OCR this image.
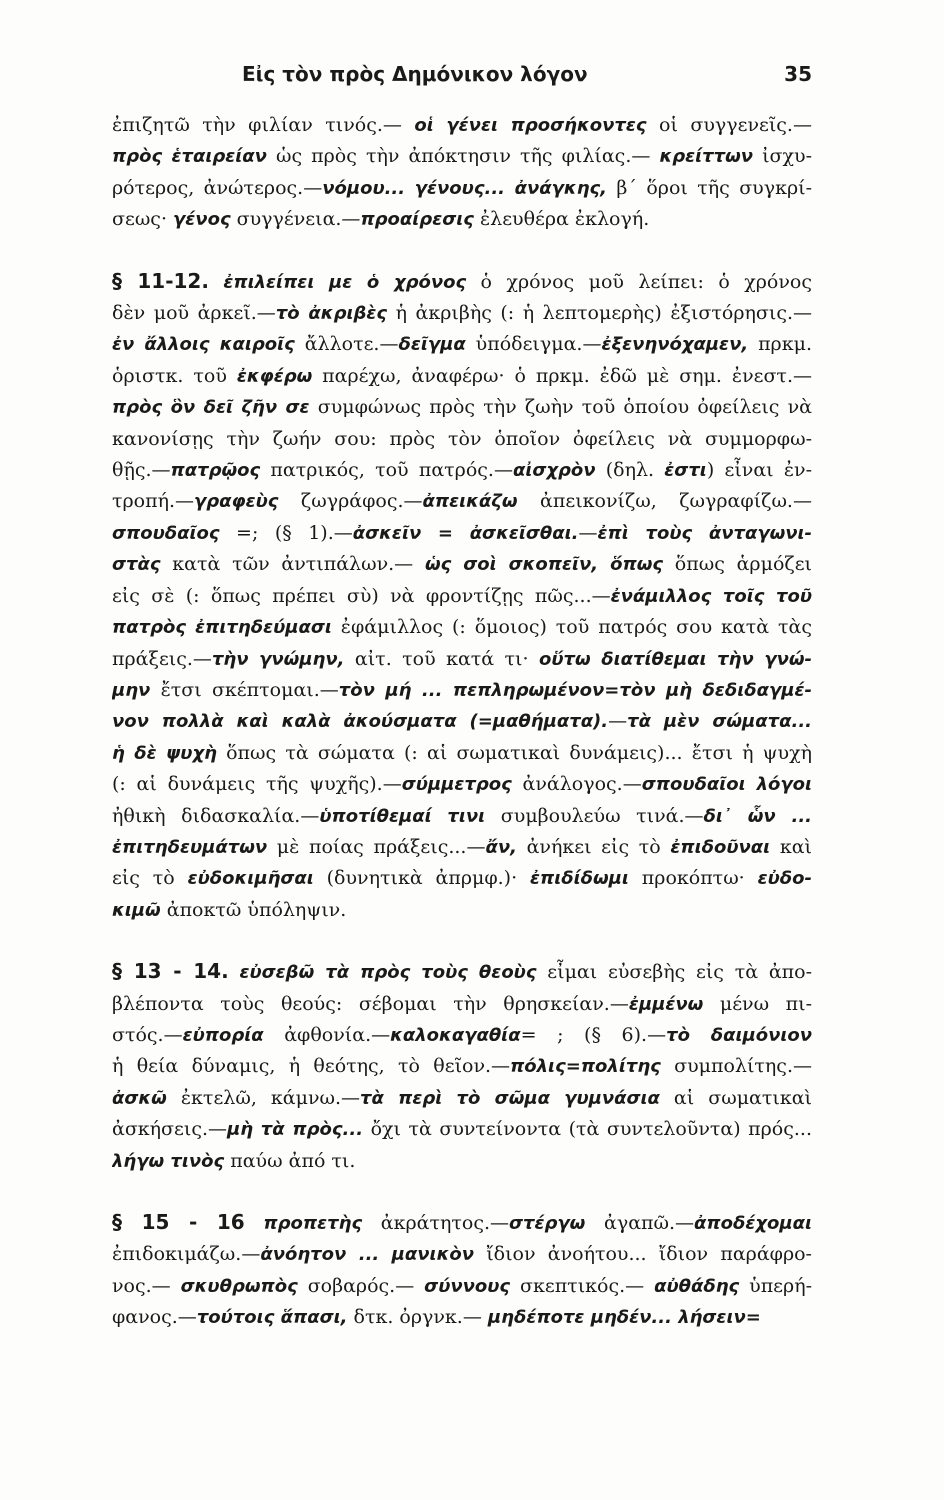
Εἰς τὸν πρὸς Δημόνικον λόγον	35
ἐπιζητῶ τὴν φιλίαν τινός.— οἱ γένει προσήκοντες οἱ συγγενεῖς.—
πρὸς ἑταιρείαν ὡς πρὸς τὴν ἀπόκτησιν τῆς φιλίας.— κρείττων ἰσχυ-
ρότερος, ἀνώτερος.—νόμου... γένους... ἀνάγκης, β΄ ὅροι τῆς συγκρί-
σεως· γένος συγγένεια.—προαίρεσις ἐλευθέρα ἐκλογή.
§ 11-12. ἐπιλείπει με ὁ χρόνος ὁ χρόνος μοῦ λείπει: ὁ χρόνος
δὲν μοῦ ἀρκεῖ.—τὸ ἀκριβὲς ἡ ἀκριβὴς (: ἡ λεπτομερὴς) ἐξιστόρησις.—
ἐν ἄλλοις καιροῖς ἄλλοτε.—δεῖγμα ὑπόδειγμα.—ἐξενηνόχαμεν, πρκμ.
ὁριστκ. τοῦ ἐκφέρω παρέχω, ἀναφέρω· ὁ πρκμ. ἐδῶ μὲ σημ. ἐνεστ.—
πρὸς ὃν δεῖ ζῆν σε συμφώνως πρὸς τὴν ζωὴν τοῦ ὁποίου ὀφείλεις νὰ
κανονίσῃς τὴν ζωήν σου: πρὸς τὸν ὁποῖον ὀφείλεις νὰ συμμορφω-
θῇς.—πατρῷος πατρικός, τοῦ πατρός.—αἰσχρὸν (δηλ. ἐστι) εἶναι ἐν-
τροπή.—γραφεὺς ζωγράφος.—ἀπεικάζω ἀπεικονίζω, ζωγραφίζω.—
σπουδαῖος =; (§ 1).—ἀσκεῖν = ἀσκεῖσθαι.—ἐπὶ τοὺς ἀνταγωνι-
στὰς κατὰ τῶν ἀντιπάλων.— ὡς σοὶ σκοπεῖν, ὅπως ὅπως ἁρμόζει
εἰς σὲ (: ὅπως πρέπει σὺ) νὰ φροντίζῃς πῶς...—ἐνάμιλλος τοῖς τοῦ
πατρὸς ἐπιτηδεύμασι ἐφάμιλλος (: ὅμοιος) τοῦ πατρός σου κατὰ τὰς
πράξεις.—τὴν γνώμην, αἰτ. τοῦ κατά τι· οὕτω διατίθεμαι τὴν γνώ-
μην ἔτσι σκέπτομαι.—τὸν μή ... πεπληρωμένον=τὸν μὴ δεδιδαγμέ-
νον πολλὰ καὶ καλὰ ἀκούσματα (=μαθήματα).—τὰ μὲν σώματα...
ἡ δὲ ψυχὴ ὅπως τὰ σώματα (: αἱ σωματικαὶ δυνάμεις)... ἔτσι ἡ ψυχὴ
(: αἱ δυνάμεις τῆς ψυχῆς).—σύμμετρος ἀνάλογος.—σπουδαῖοι λόγοι
ἠθικὴ διδασκαλία.—ὑποτίθεμαί τινι συμβουλεύω τινά.—δι᾿ ὧν ...
ἐπιτηδευμάτων μὲ ποίας πράξεις...—ἄν, ἀνήκει εἰς τὸ ἐπιδοῦναι καὶ
εἰς τὸ εὐδοκιμῆσαι (δυνητικὰ ἀπρμφ.)· ἐπιδίδωμι προκόπτω· εὐδο-
κιμῶ ἀποκτῶ ὑπόληψιν.
§ 13 - 14. εὐσεβῶ τὰ πρὸς τοὺς θεοὺς εἶμαι εὐσεβὴς εἰς τὰ ἀπο-
βλέποντα τοὺς θεούς: σέβομαι τὴν θρησκείαν.—ἐμμένω μένω πι-
στός.—εὐπορία ἀφθονία.—καλοκαγαθία= ; (§ 6).—τὸ δαιμόνιον
ἡ θεία δύναμις, ἡ θεότης, τὸ θεῖον.—πόλις=πολίτης συμπολίτης.—
ἀσκῶ ἐκτελῶ, κάμνω.—τὰ περὶ τὸ σῶμα γυμνάσια αἱ σωματικαὶ
ἀσκήσεις.—μὴ τὰ πρὸς... ὄχι τὰ συντείνοντα (τὰ συντελοῦντα) πρός...
λήγω τινὸς παύω ἀπό τι.
§ 15 - 16 προπετὴς ἀκράτητος.—στέργω ἀγαπῶ.—ἀποδέχομαι
ἐπιδοκιμάζω.—ἀνόητον ... μανικὸν ἴδιον ἀνοήτου... ἴδιον παράφρο-
νος.— σκυθρωπὸς σοβαρός.— σύννους σκεπτικός.— αὐθάδης ὑπερή-
φανος.—τούτοις ἅπασι, δτκ. ὀργνκ.— μηδέποτε μηδέν... λήσειν=
